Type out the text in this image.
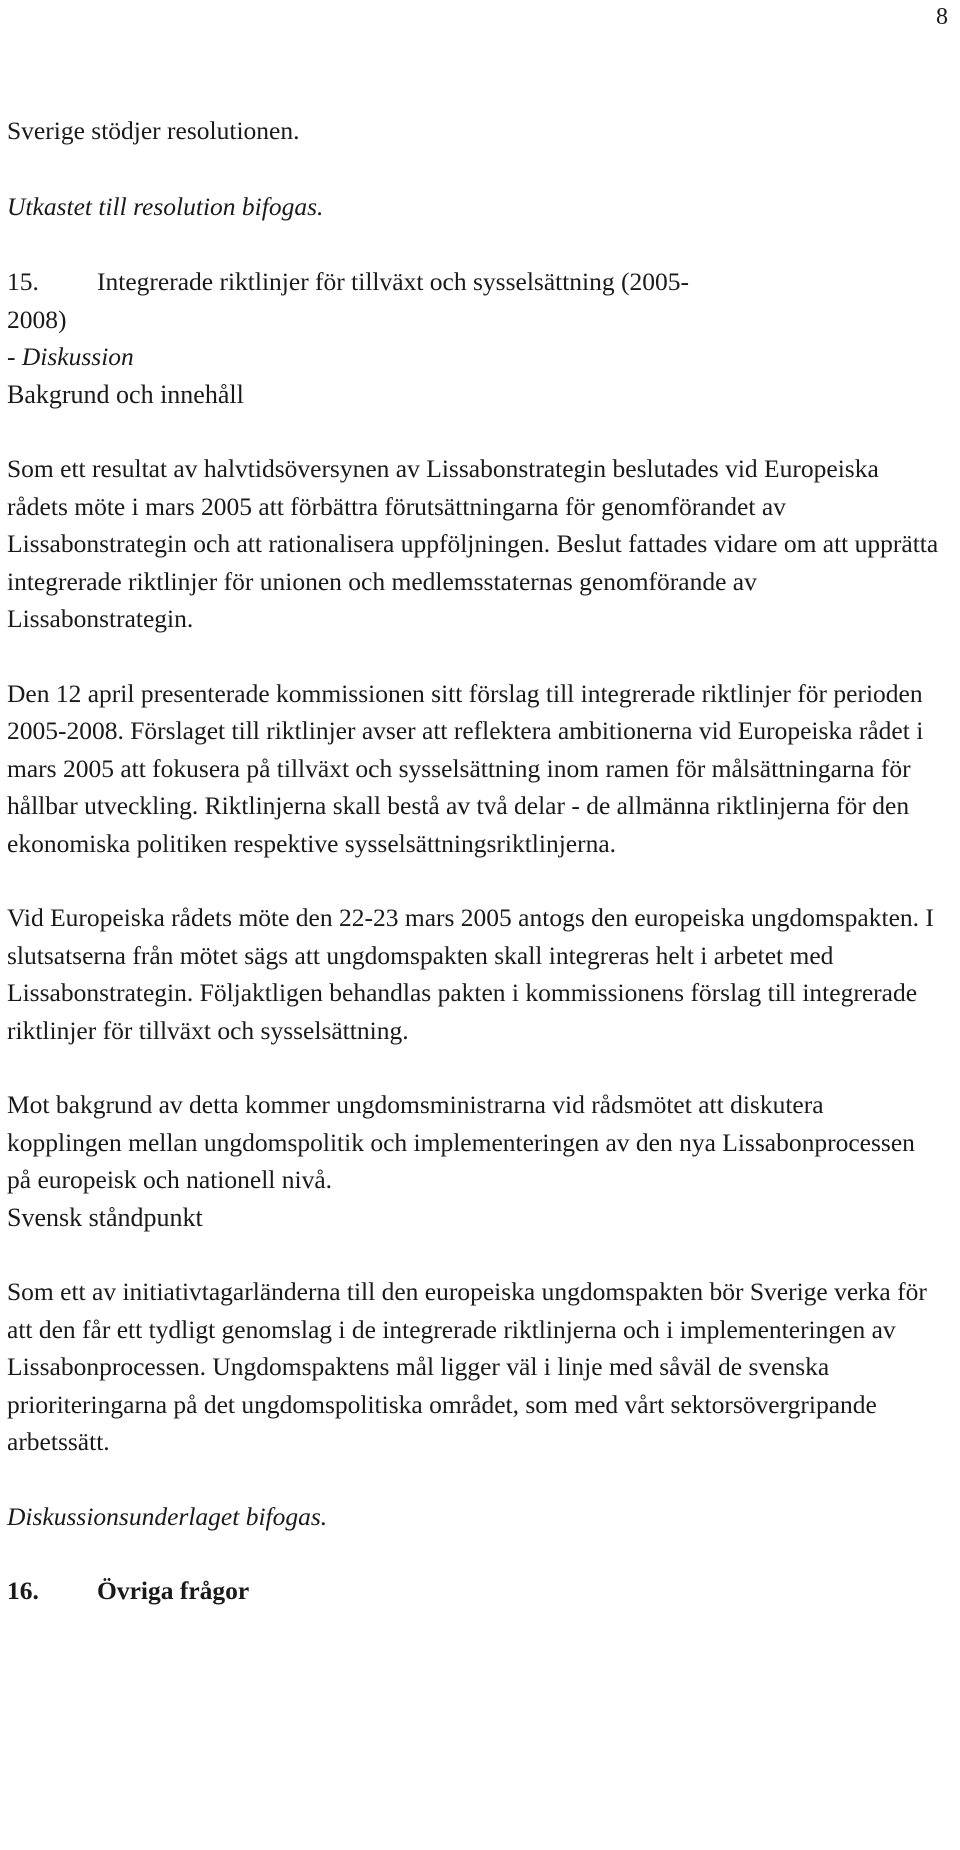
8

Sverige stödjer resolutionen.

Utkastet till resolution bifogas.

15.	Integrerade riktlinjer för tillväxt och sysselsättning (2005-

2008)

- Diskussion

Bakgrund och innehåll

Som ett resultat av halvtidsöversynen av Lissabonstrategin beslutades vid Europeiska rådets möte i mars 2005 att förbättra förutsättningarna för genomförandet av Lissabonstrategin och att rationalisera uppföljningen. Beslut fattades vidare om att upprätta integrerade riktlinjer för unionen och medlemsstaternas genomförande av Lissabonstrategin.

Den 12 april presenterade kommissionen sitt förslag till integrerade riktlinjer för perioden 2005-2008. Förslaget till riktlinjer avser att reflektera ambitionerna vid Europeiska rådet i mars 2005 att fokusera på tillväxt och sysselsättning inom ramen för målsättningarna för hållbar utveckling. Riktlinjerna skall bestå av två delar - de allmänna riktlinjerna för den ekonomiska politiken respektive sysselsättningsriktlinjerna.

Vid Europeiska rådets möte den 22-23 mars 2005 antogs den europeiska ungdomspakten. I slutsatserna från mötet sägs att ungdomspakten skall integreras helt i arbetet med Lissabonstrategin. Följaktligen behandlas pakten i kommissionens förslag till integrerade riktlinjer för tillväxt och sysselsättning.

Mot bakgrund av detta kommer ungdomsministrarna vid rådsmötet att diskutera kopplingen mellan ungdomspolitik och implementeringen av den nya Lissabonprocessen på europeisk och nationell nivå.

Svensk ståndpunkt

Som ett av initiativtagarländerna till den europeiska ungdomspakten bör Sverige verka för att den får ett tydligt genomslag i de integrerade riktlinjerna och i implementeringen av Lissabonprocessen. Ungdomspaktens mål ligger väl i linje med såväl de svenska prioriteringarna på det ungdomspolitiska området, som med vårt sektorsövergripande arbetssätt.

Diskussionsunderlaget bifogas.

16.	Övriga frågor
